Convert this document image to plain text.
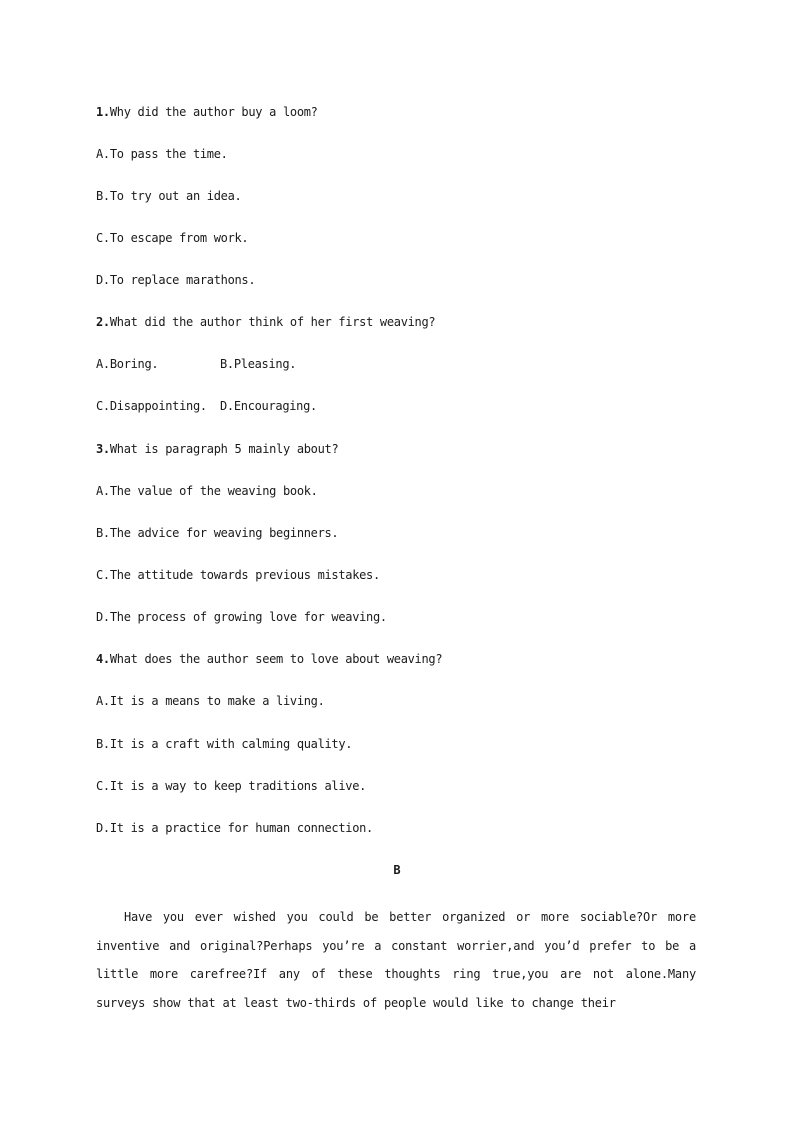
1.Why did the author buy a loom?
A.To pass the time.
B.To try out an idea.
C.To escape from work.
D.To replace marathons.
2.What did the author think of her first weaving?
A.Boring.	B.Pleasing.
C.Disappointing. D.Encouraging.
3.What is paragraph 5 mainly about?
A.The value of the weaving book.
B.The advice for weaving beginners.
C.The attitude towards previous mistakes.
D.The process of growing love for weaving.
4.What does the author seem to love about weaving?
A.It is a means to make a living.
B.It is a craft with calming quality.
C.It is a way to keep traditions alive.
D.It is a practice for human connection.
B

Have you ever wished you could be better organized or more sociable?Or more inventive and original?Perhaps you’re a constant worrier,and you’d prefer to be a little more carefree?If any of these thoughts ring true,you are not alone.Many surveys show that at least two-thirds of people would like to change their
